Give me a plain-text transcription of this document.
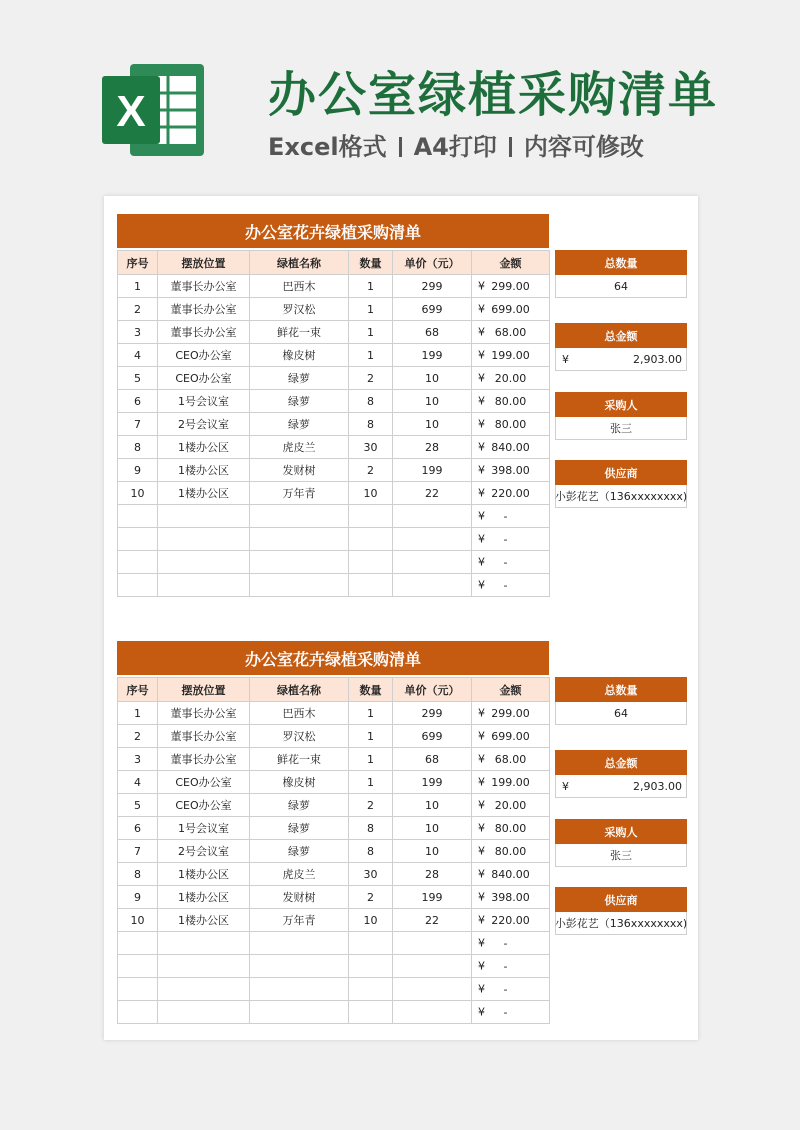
X	办公室绿植采购清单
Excel格式 A4打印 内容可修改
办公室花卉绿植采购清单
序号	摆放位置	绿植名称	数量	单价（元）	金额
1	董事长办公室	巴西木	1	299	¥ 299.00
2	董事长办公室	罗汉松	1	699	¥ 699.00
3	董事长办公室	鲜花一束	1	68	¥ 68.00
4	CEO办公室	橡皮树	1	199	¥ 199.00
5	CEO办公室	绿萝	2	10	¥ 20.00
6	1号会议室	绿萝	8	10	¥ 80.00
7	2号会议室	绿萝	8	10	¥ 80.00
8	1楼办公区	虎皮兰	30	28	¥ 840.00
9	1楼办公区	发财树	2	199	¥ 398.00
10	1楼办公区	万年青	10	22	¥ 220.00

					¥ -

					¥ -

					¥ -

					¥ -
总数量
64
总金额
¥	2,903.00
采购人
张三
供应商
小彭花艺（136xxxxxxxx)
办公室花卉绿植采购清单
序号	摆放位置	绿植名称	数量	单价（元）	金额
1	董事长办公室	巴西木	1	299	¥ 299.00
2	董事长办公室	罗汉松	1	699	¥ 699.00
3	董事长办公室	鲜花一束	1	68	¥ 68.00
4	CEO办公室	橡皮树	1	199	¥ 199.00
5	CEO办公室	绿萝	2	10	¥ 20.00
6	1号会议室	绿萝	8	10	¥ 80.00
7	2号会议室	绿萝	8	10	¥ 80.00
8	1楼办公区	虎皮兰	30	28	¥ 840.00
9	1楼办公区	发财树	2	199	¥ 398.00
10	1楼办公区	万年青	10	22	¥ 220.00

					¥ -

					¥ -

					¥ -

					¥ -
总数量
64
总金额
¥	2,903.00
采购人
张三
供应商
小彭花艺（136xxxxxxxx)
